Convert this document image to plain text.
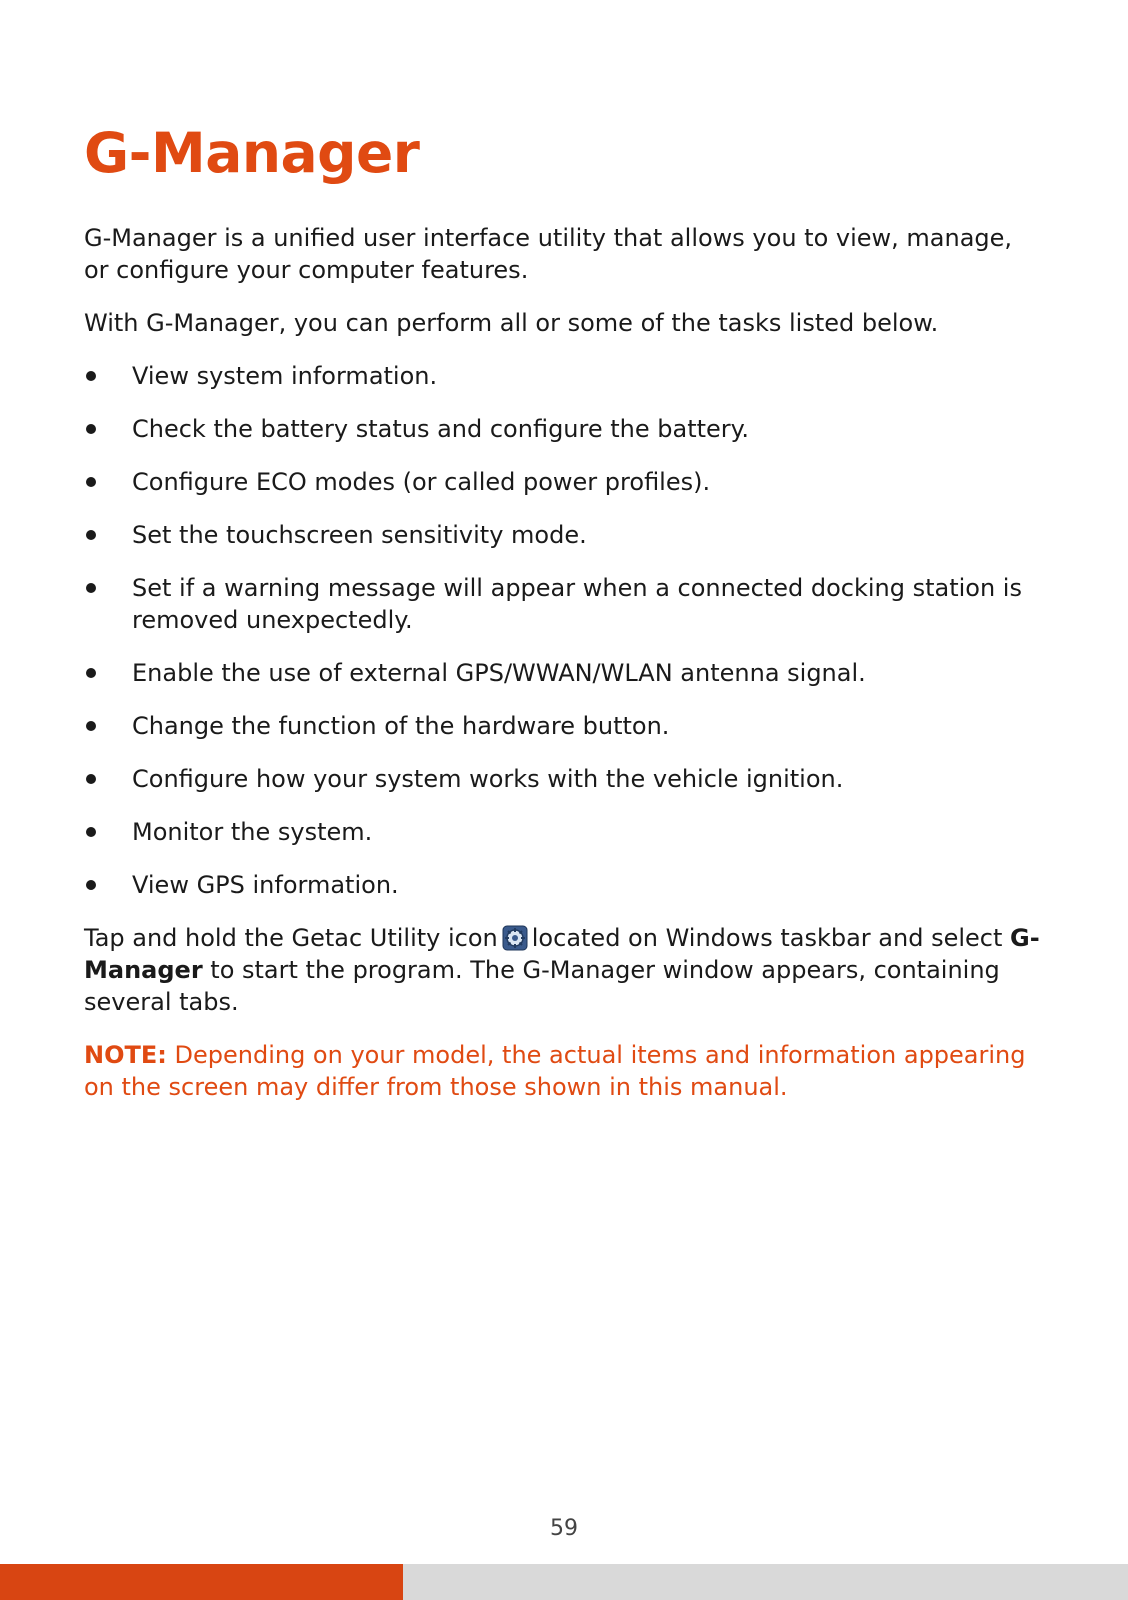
G-Manager

G-Manager is a unified user interface utility that allows you to view, manage, or configure your computer features.

With G-Manager, you can perform all or some of the tasks listed below.

View system information.
Check the battery status and configure the battery.
Configure ECO modes (or called power profiles).
Set the touchscreen sensitivity mode.
Set if a warning message will appear when a connected docking station is removed unexpectedly.
Enable the use of external GPS/WWAN/WLAN antenna signal.
Change the function of the hardware button.
Configure how your system works with the vehicle ignition.
Monitor the system.
View GPS information.

Tap and hold the Getac Utility icon located on Windows taskbar and select G-Manager to start the program. The G-Manager window appears, containing several tabs.

NOTE: Depending on your model, the actual items and information appearing on the screen may differ from those shown in this manual.

59
